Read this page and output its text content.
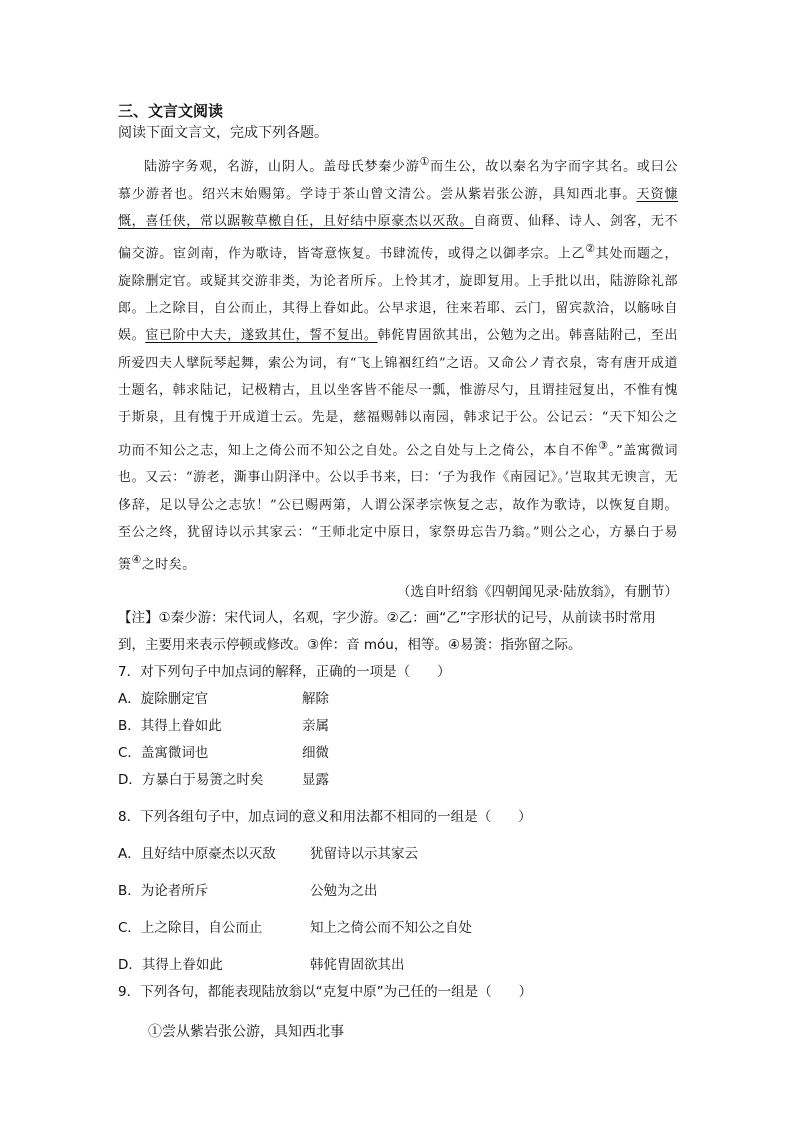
三、文言文阅读

阅读下面文言文，完成下列各题。

陆游字务观，名游，山阴人。盖母氏梦秦少游①而生公，故以秦名为字而字其名。或曰公慕少游者也。绍兴末始赐第。学诗于茶山曾文清公。尝从紫岩张公游，具知西北事。天资慷慨，喜任侠，常以踞鞍草檄自任，且好结中原豪杰以灭敌。自商贾、仙释、诗人、剑客，无不偏交游。宦剑南，作为歌诗，皆寄意恢复。书肆流传，或得之以御孝宗。上乙②其处而题之，旋除删定官。或疑其交游非类，为论者所斥。上怜其才，旋即复用。上手批以出，陆游除礼部郎。上之除目，自公而止，其得上眷如此。公早求退，往来若耶、云门，留宾款洽，以觞咏自娱。宦已阶中大夫，遂致其仕，誓不复出。韩侂胄固欲其出，公勉为之出。韩喜陆附己，至出所爱四夫人擘阮琴起舞，索公为词，有“飞上锦裀红绉”之语。又命公ノ青衣泉，寄有唐开成道士题名，韩求陆记，记极精古，且以坐客皆不能尽一瓢，惟游尽勺，且谓挂冠复出，不惟有愧于斯泉，且有愧于开成道士云。先是，慈福赐韩以南园，韩求记于公。公记云：“天下知公之功而不知公之志，知上之倚公而不知公之自处。公之自处与上之倚公，本自不侔③。”盖寓微词也。又云：“游老，澌事山阴泽中。公以手书来，曰：‘子为我作《南园记》。’岂取其无谀言，无侈辞，足以导公之志欤！”公已赐两第，人谓公深孝宗恢复之志，故作为歌诗，以恢复自期。至公之终，犹留诗以示其家云：“王师北定中原日，家祭毋忘告乃翁。”则公之心，方暴白于易箦④之时矣。

（选自叶绍翁《四朝闻见录·陆放翁》，有删节）

【注】①秦少游：宋代词人，名观，字少游。②乙：画“乙”字形状的记号，从前读书时常用到，主要用来表示停顿或修改。③侔：音 móu，相等。④易箦：指弥留之际。

7．对下列句子中加点词的解释，正确的一项是（　　）

A．旋除删定官	解除
B．其得上眷如此	亲属
C．盖寓微词也	细微
D．方暴白于易箦之时矣	显露

8．下列各组句子中，加点词的意义和用法都不相同的一组是（　　）

A．且好结中原豪杰以灭敌	犹留诗以示其家云
B．为论者所斥	公勉为之出
C．上之除目，自公而止	知上之倚公而不知公之自处
D．其得上眷如此	韩侂胄固欲其出

9．下列各句，都能表现陆放翁以“克复中原”为己任的一组是（　　）

①尝从紫岩张公游，具知西北事
